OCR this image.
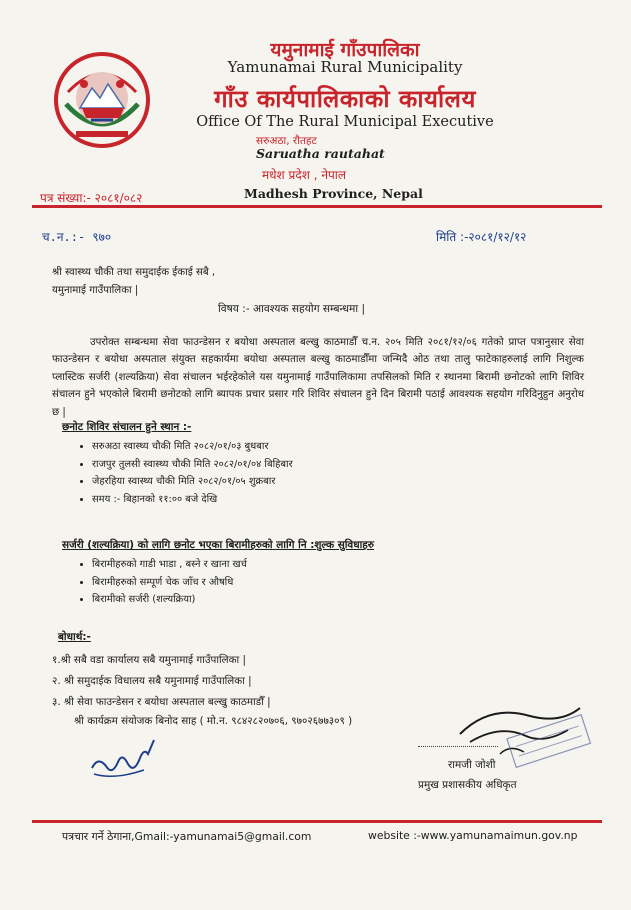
यमुनामाई गाँउपालिका
Yamunamai Rural Municipality
गाँउ कार्यपालिकाको कार्यालय
Office Of The Rural Municipal Executive
सरुअठा, रौतहट
Saruatha rautahat
मधेश प्रदेश , नेपाल
Madhesh Province, Nepal
पत्र संख्या:- २०८१/०८२
च.न.:- ९७०	मिति :-२०८१/१२/१२
श्री स्वास्थ्य चौकी तथा समुदाईक ईकाई सबै ,
यमुनामाई गाउँपालिका |
विषय :- आवश्यक सहयोग सम्बन्धमा |
उपरोक्त सम्बन्धमा सेवा फाउन्डेसन र बयोधा अस्पताल बल्खु काठमाडौँ च.न. २०५ मिति २०८१/१२/०६ गतेको प्राप्त पत्रानुसार सेवा फाउन्डेसन र बयोधा अस्पताल संयुक्त सहकार्यमा बयोधा अस्पताल बल्खु काठमाडौँमा जन्मिदै ओठ तथा तालु फाटेकाहरुलाई लागि निशुल्क प्लास्टिक सर्जरी (शल्यक्रिया) सेवा संचालन भईरहेकोले यस यमुनामाई गाउँपालिकामा तपसिलको मिति र स्थानमा बिरामी छनोटको लागि शिविर संचालन हुने भएकोले बिरामी छनोटको लागि ब्यापक प्रचार प्रसार गरि शिविर संचालन हुने दिन बिरामी पठाई आवश्यक सहयोग गरिदिनुहुन अनुरोध छ |
छनोट शिविर संचालन हुने स्थान :-
• सरुअठा स्वास्थ्य चौकी मिति २०८२/०१/०३ बुधबार
• राजपुर तुलसी स्वास्थ्य चौकी मिति २०८२/०१/०४ बिहिबार
• जेहरहिया स्वास्थ्य चौकी मिति २०८२/०१/०५ शुक्रबार
• समय :- बिहानको ११:०० बजे देखि
सर्जरी (शल्यक्रिया) को लागि छनोट भएका बिरामीहरुको लागि नि :शुल्क सुविधाहरु
• बिरामीहरुको गाडी भाडा , बस्ने र खाना खर्च
• बिरामीहरुको सम्पूर्ण चेक जाँच र औषधि
• बिरामीको सर्जरी (शल्यक्रिया)
बोधार्थ:-
१.श्री सबै वडा कार्यालय सबै यमुनामाई गाउँपालिका |
२. श्री समुदाईक विधालय सबै यमुनामाई गाउँपालिका |
३. श्री सेवा फाउन्डेसन र बयोधा अस्पताल बल्खु काठमाडौँ |
श्री कार्यक्रम संयोजक बिनोद साह ( मो.न. ९८४२८२०७०६, ९७०२६७७३०९ )
रामजी जोशी
प्रमुख प्रशासकीय अधिकृत
पत्रचार गर्ने ठेगाना,Gmail:-yamunamai5@gmail.com	website :-www.yamunamaimun.gov.np
